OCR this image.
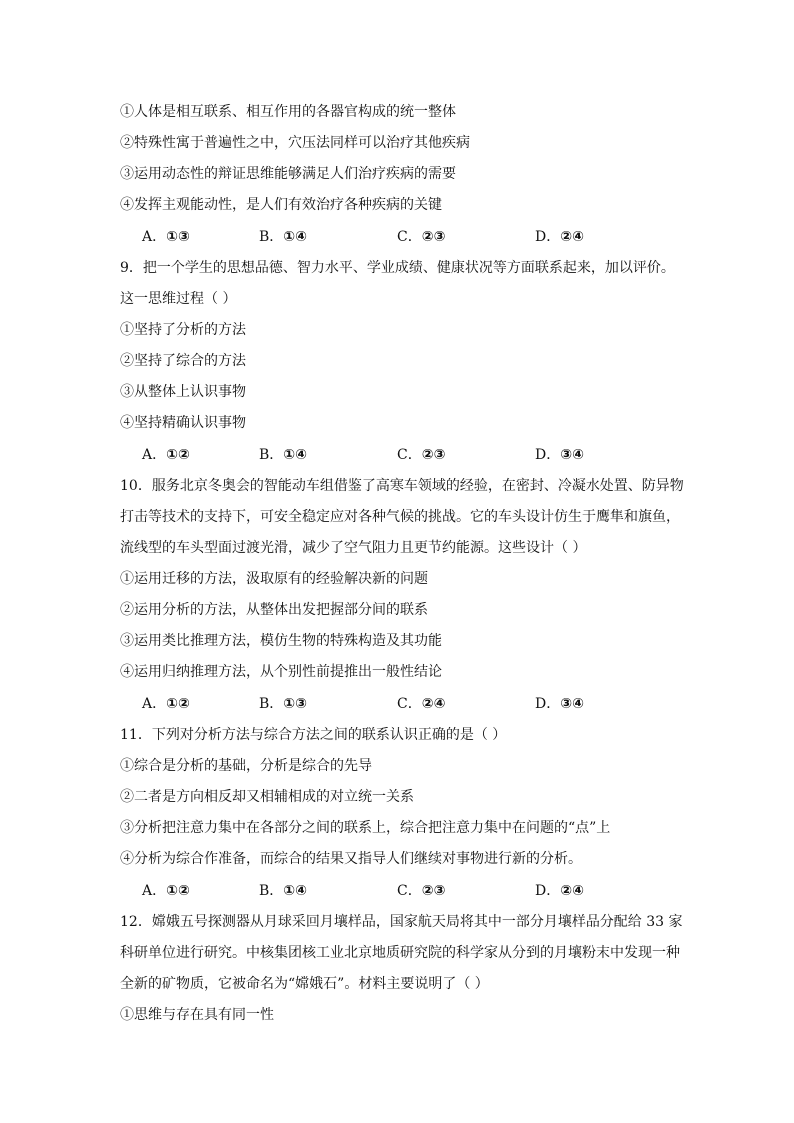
①人体是相互联系、相互作用的各器官构成的统一整体
②特殊性寓于普遍性之中，穴压法同样可以治疗其他疾病
③运用动态性的辩证思维能够满足人们治疗疾病的需要
④发挥主观能动性，是人们有效治疗各种疾病的关键
A．①③	B．①④	C．②③	D．②④
9．把一个学生的思想品德、智力水平、学业成绩、健康状况等方面联系起来，加以评价。
这一思维过程（ ）
①坚持了分析的方法
②坚持了综合的方法
③从整体上认识事物
④坚持精确认识事物
A．①②	B．①④	C．②③	D．③④
10．服务北京冬奥会的智能动车组借鉴了高寒车领域的经验，在密封、冷凝水处置、防异物
打击等技术的支持下，可安全稳定应对各种气候的挑战。它的车头设计仿生于鹰隼和旗鱼，
流线型的车头型面过渡光滑，减少了空气阻力且更节约能源。这些设计（ ）
①运用迁移的方法，汲取原有的经验解决新的问题
②运用分析的方法，从整体出发把握部分间的联系
③运用类比推理方法，模仿生物的特殊构造及其功能
④运用归纳推理方法，从个别性前提推出一般性结论
A．①②	B．①③	C．②④	D．③④
11．下列对分析方法与综合方法之间的联系认识正确的是（ ）
①综合是分析的基础，分析是综合的先导
②二者是方向相反却又相辅相成的对立统一关系
③分析把注意力集中在各部分之间的联系上，综合把注意力集中在问题的“点”上
④分析为综合作准备，而综合的结果又指导人们继续对事物进行新的分析。
A．①②	B．①④	C．②③	D．②④
12．嫦娥五号探测器从月球采回月壤样品，国家航天局将其中一部分月壤样品分配给 33 家
科研单位进行研究。中核集团核工业北京地质研究院的科学家从分到的月壤粉末中发现一种
全新的矿物质，它被命名为“嫦娥石”。材料主要说明了（ ）
①思维与存在具有同一性
